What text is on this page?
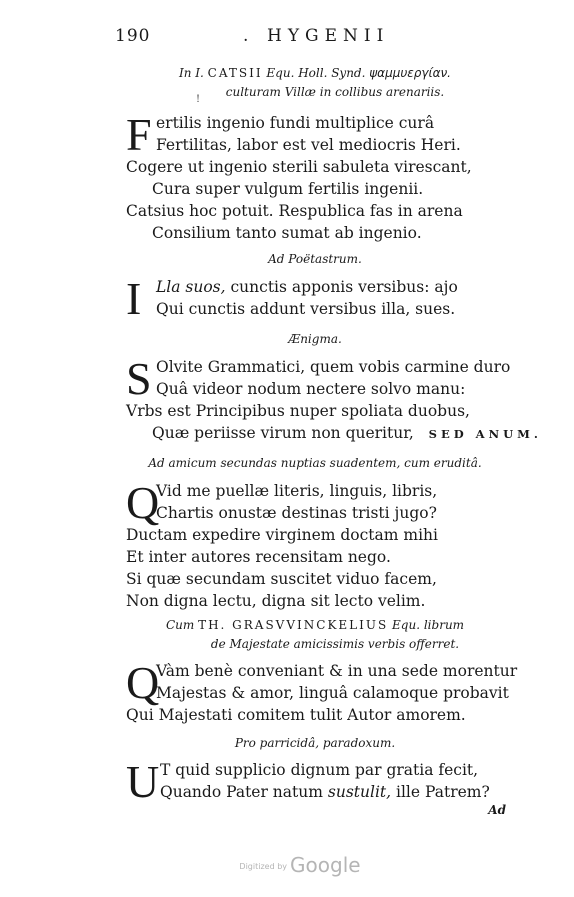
190	. HYGENII
In I. CATSII Equ. Holl. Synd. ψαμμυεργίαν.
culturam Villæ in collibus arenariis.
!
F ertilis ingenio fundi multiplice curâ
Fertilitas, labor est vel mediocris Heri.
Cogere ut ingenio sterili sabuleta virescant,
Cura super vulgum fertilis ingenii.
Catsius hoc potuit. Respublica fas in arena
Consilium tanto sumat ab ingenio.
Ad Poëtastrum.
I Lla suos, cunctis apponis versibus: ajo
Qui cunctis addunt versibus illa, sues.
Ænigma.
S Olvite Grammatici, quem vobis carmine duro
Quâ videor nodum nectere solvo manu:
Vrbs est Principibus nuper spoliata duobus,
Quæ periisse virum non queritur, SED ANUM.
Ad amicum secundas nuptias suadentem, cum eruditâ.
Q
Vid me puellæ literis, linguis, libris,
Chartis onustæ destinas tristi jugo?
Ductam expedire virginem doctam mihi
Et inter autores recensitam nego.
Si quæ secundam suscitet viduo facem,
Non digna lectu, digna sit lecto velim.
Cum TH. GRASVVINCKELIUS Equ. librum
de Majestate amicissimis verbis offerret.
Q
Vàm benè conveniant & in una sede morentur
Majestas & amor, linguâ calamoque probavit
Qui Majestati comitem tulit Autor amorem.
Pro parricidâ, paradoxum.
U T quid supplicio dignum par gratia fecit,
Quando Pater natum sustulit, ille Patrem?
Ad
Digitized by Google
